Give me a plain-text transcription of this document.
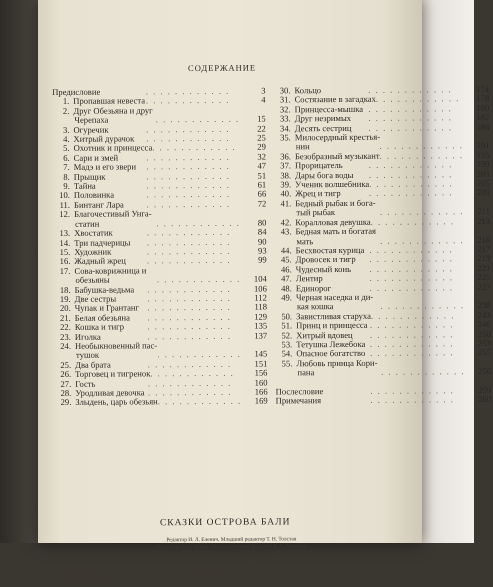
СОДЕРЖАНИЕ
Предисловие	. . . . . . . . . . . .	3
1. Пропавшая невеста . . . . . . . . . . . .	4
2. Друг Обезьяна и друг
Черепаха	. . . . . . . . . . . .	15
3. Огуречик	. . . . . . . . . . . .	22
4. Хитрый дурачок	. . . . . . . . . . . .	25
5. Охотник и принцесса . . . . . . . . . . . .	29
6. Сари и змей	. . . . . . . . . . . .	32
7. Мадэ и его звери	. . . . . . . . . . . .	47
8. Прыщик	. . . . . . . . . . . .	51
9. Тайна	. . . . . . . . . . . .	61
10. Половинка	. . . . . . . . . . . .	66
11. Бинтанг Лара	. . . . . . . . . . . .	72
12. Благочестивый Унга-
статин	. . . . . . . . . . . .	80
13. Хвостатик	. . . . . . . . . . . .	84
14. Три падчерицы	. . . . . . . . . . . .	90
15. Художник	. . . . . . . . . . . .	93
16. Жадный жрец	. . . . . . . . . . . .	99
17. Сова-коврижница и
обезьяны	. . . . . . . . . . . .	104
18. Бабушка-ведьма	. . . . . . . . . . . .	106
19. Две сестры	. . . . . . . . . . . .	112
20. Чупак и Грантанг . . . . . . . . . . . .	118
21. Белая обезьяна	. . . . . . . . . . . .	129
22. Кошка и тигр	. . . . . . . . . . . .	135
23. Иголка	. . . . . . . . . . . .	137
24. Необыкновенный пас-
тушок	. . . . . . . . . . . .	145
25. Два брата	. . . . . . . . . . . .	151
26. Торговец и тигренок . . . . . . . . . . . .	156
27. Гость	. . . . . . . . . . . .	160
28. Уродливая девочка . . . . . . . . . . . .	166
29. Злыдень, царь обезьян . . . . . . . . . . . .	169
30. Кольцо	. . . . . . . . . . . .	174
31. Состязание в загадках . . . . . . . . . . . .	178
32. Принцесса-мышка . . . . . . . . . . . .	180
33. Друг незримых	. . . . . . . . . . . .	182
34. Десять сестриц	. . . . . . . . . . . .	186
35. Милосердный крестья-
нин	. . . . . . . . . . . .	191
36. Безобразный музыкант . . . . . . . . . . . .	195
37. Прорицатель	. . . . . . . . . . . .	199
38. Дары бога воды	. . . . . . . . . . . .	203
39. Ученик волшебника . . . . . . . . . . . .	205
40. Жрец и тигр	. . . . . . . . . . . .	209
41. Бедный рыбак и бога-
тый рыбак	. . . . . . . . . . . .	211
42. Коралловая девушка . . . . . . . . . . . .	213
43. Бедная мать и богатая
мать	. . . . . . . . . . . .	216
44. Бесхвостая курица . . . . . . . . . . . .	217
45. Дровосек и тигр	. . . . . . . . . . . .	219
46. Чудесный конь	. . . . . . . . . . . .	221
47. Лентир	. . . . . . . . . . . .	225
48. Единорог	. . . . . . . . . . . .	227
49. Черная наседка и ди-
кая кошка	. . . . . . . . . . . .	238
50. Завистливая старуха . . . . . . . . . . . .	243
51. Принц и принцесса . . . . . . . . . . . .	246
52. Хитрый вдовец	. . . . . . . . . . . .	250
53. Тетушка Лежебока . . . . . . . . . . . .	253
54. Опасное богатство . . . . . . . . . . . .	255
55. Любовь принца Кори-
пана	. . . . . . . . . . . .	256
Послесловие	. . . . . . . . . . . .	259
Примечания	. . . . . . . . . . . .	260
СКАЗКИ ОСТРОВА БАЛИ
Редактор И. Л. Еленич. Младший редактор Т. Н. Толстая
Художник Э. Л. Эрман. Художественный редактор Б. Л. Резников
Технический редактор М. В. Погоскина. Корректор П. С. Шиц
ИБ № 14569
Сдано в набор 05.04.82. Подписано к печати 06.10.82. Формат 84×108¹/₃₂. Бум. офсет-
ная № 1. Гарнитура «Таймс». Печать офсетная. Усл. п. л. 14,28. Усл. кр.-отт. 29,88.
Уч.-изд. л. 14,87. Тираж 75 000 экз. Изд. № 5005. Заказ 2234. Цена 1 р. 50 к.
